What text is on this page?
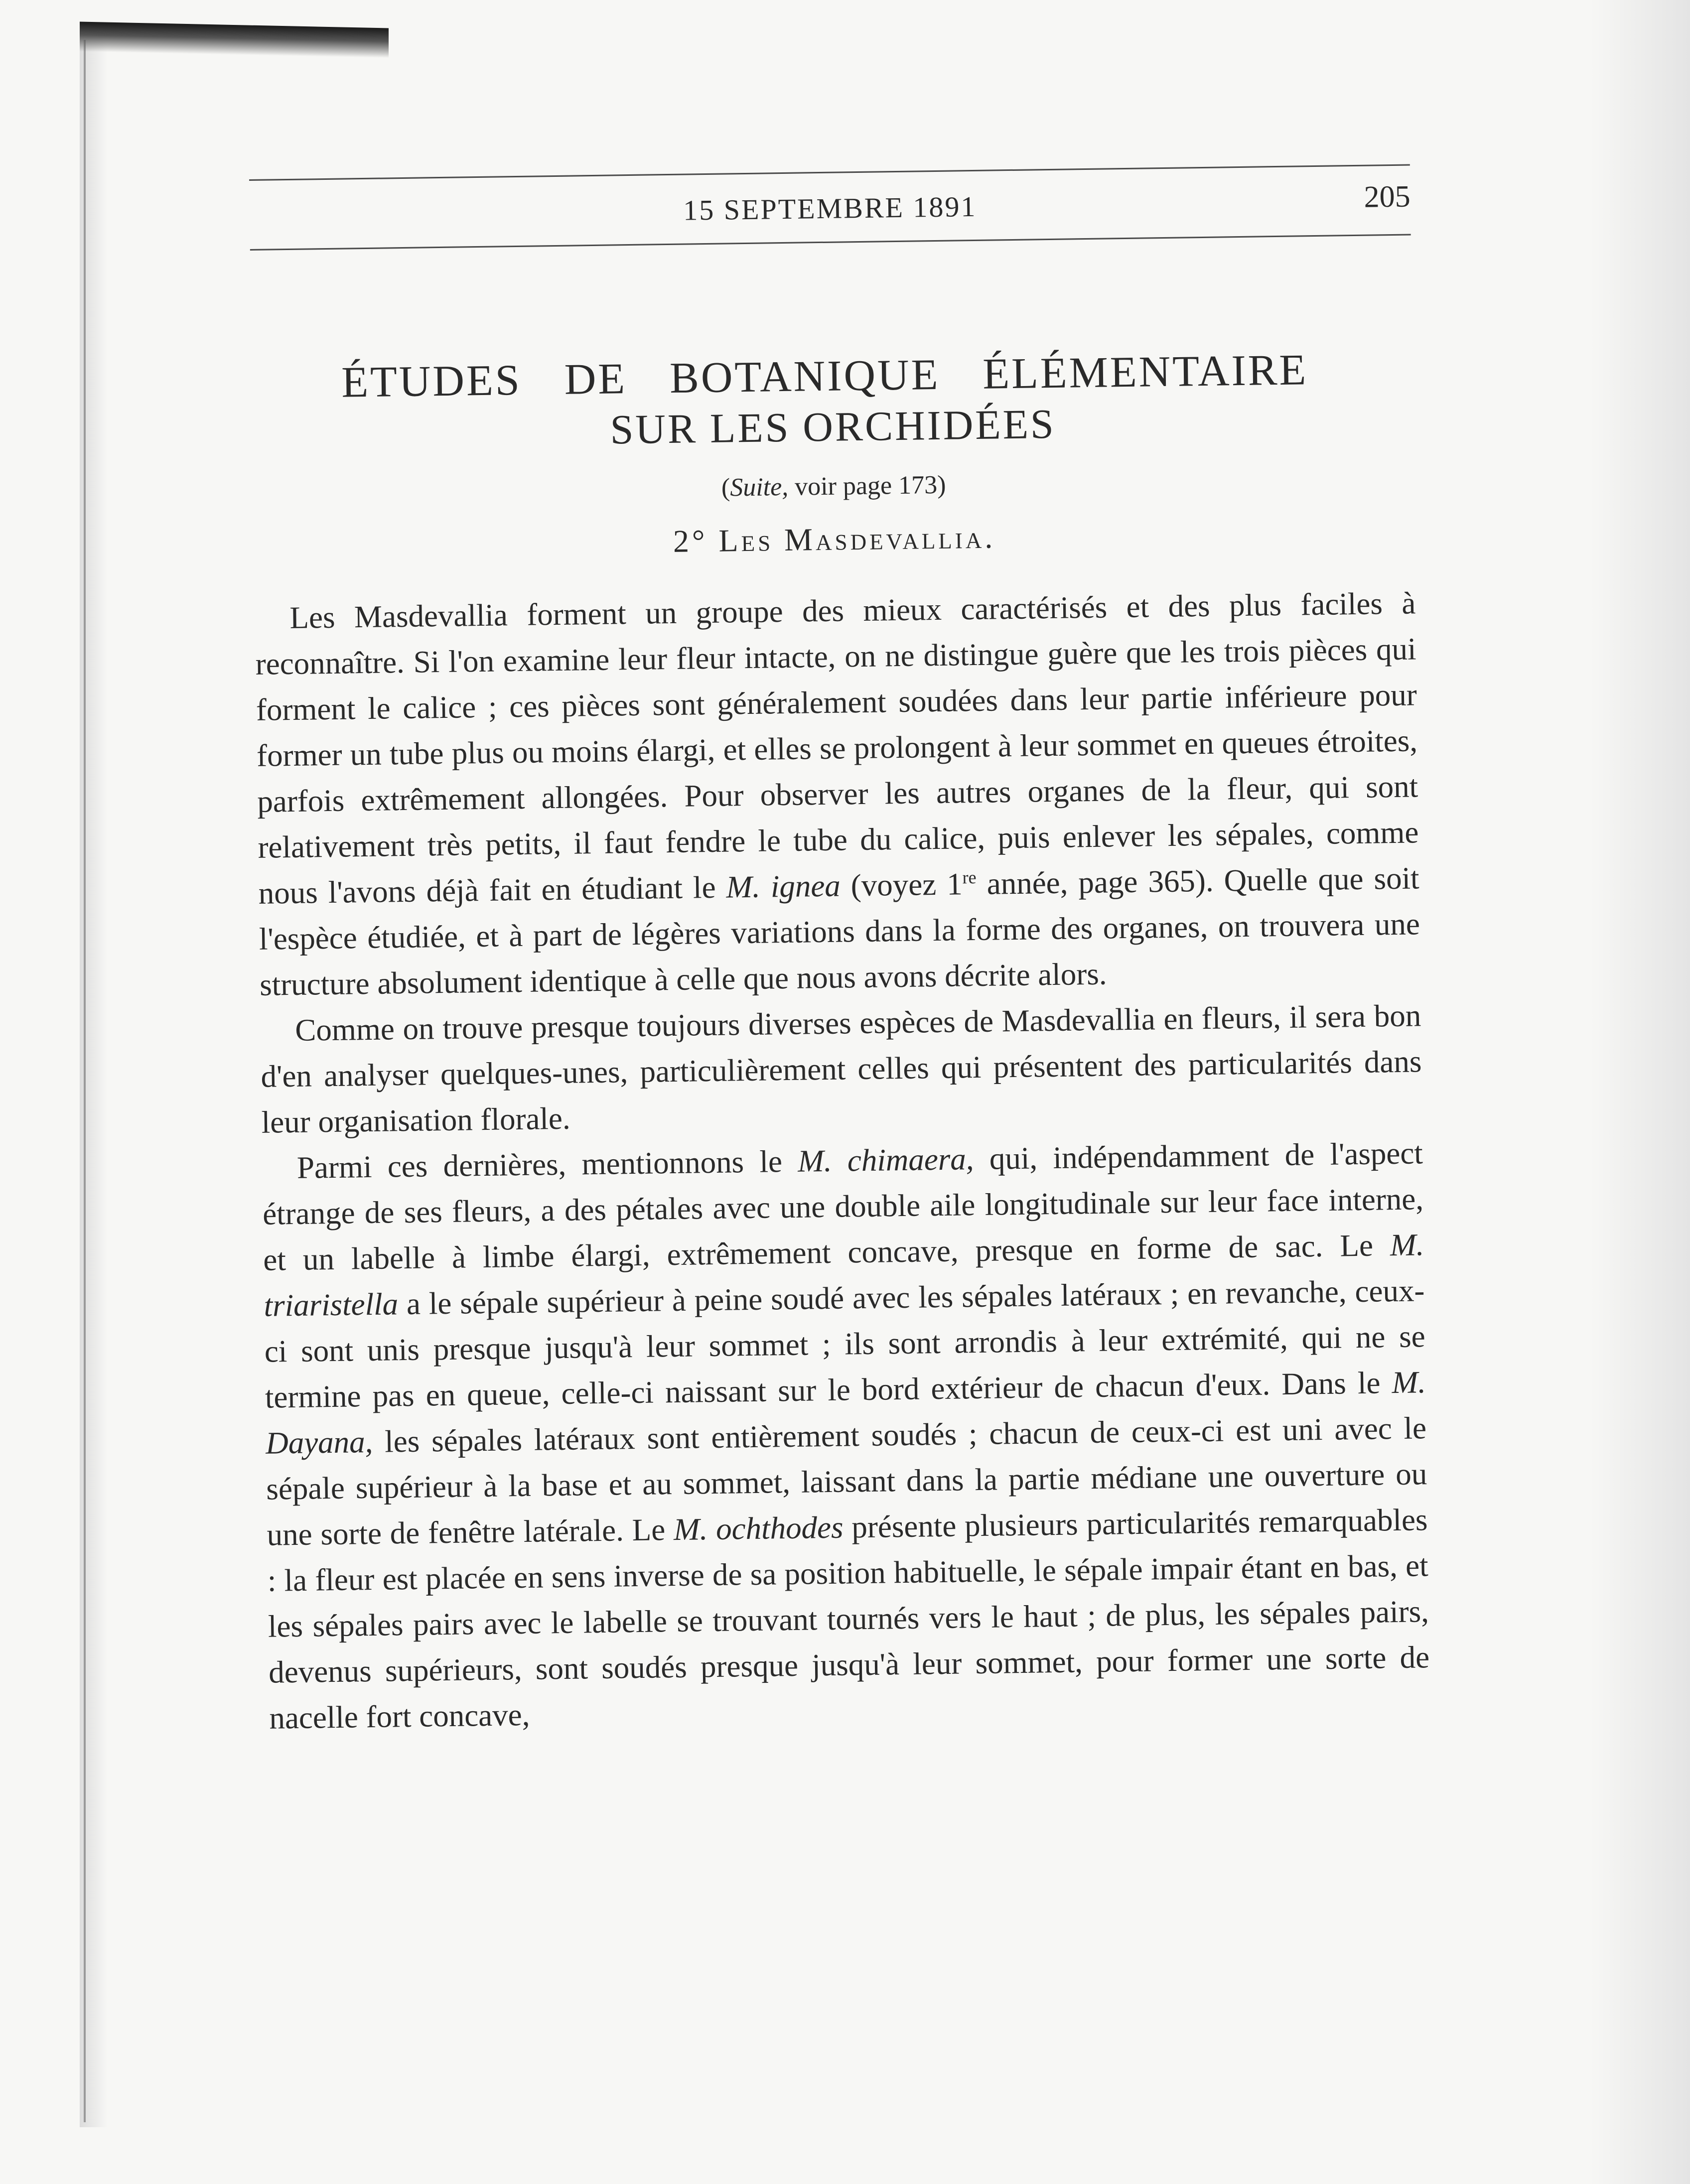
15 SEPTEMBRE 1891	205
ÉTUDES DE BOTANIQUE ÉLÉMENTAIRE
SUR LES ORCHIDÉES
(Suite, voir page 173)
2° Les Masdevallia.

Les Masdevallia forment un groupe des mieux caractérisés et des plus faciles à reconnaître. Si l'on examine leur fleur intacte, on ne distingue guère que les trois pièces qui forment le calice ; ces pièces sont généralement soudées dans leur partie inférieure pour former un tube plus ou moins élargi, et elles se prolongent à leur sommet en queues étroites, parfois extrêmement allongées. Pour observer les autres organes de la fleur, qui sont relativement très petits, il faut fendre le tube du calice, puis enlever les sépales, comme nous l'avons déjà fait en étudiant le M. ignea (voyez 1re année, page 365). Quelle que soit l'espèce étudiée, et à part de légères variations dans la forme des organes, on trouvera une structure absolument identique à celle que nous avons décrite alors.

Comme on trouve presque toujours diverses espèces de Masdevallia en fleurs, il sera bon d'en analyser quelques-unes, particulièrement celles qui présentent des particularités dans leur organisation florale.

Parmi ces dernières, mentionnons le M. chimaera, qui, indépendamment de l'aspect étrange de ses fleurs, a des pétales avec une double aile longitudinale sur leur face interne, et un labelle à limbe élargi, extrêmement concave, presque en forme de sac. Le M. triaristella a le sépale supérieur à peine soudé avec les sépales latéraux ; en revanche, ceux-ci sont unis presque jusqu'à leur sommet ; ils sont arrondis à leur extrémité, qui ne se termine pas en queue, celle-ci naissant sur le bord extérieur de chacun d'eux. Dans le M. Dayana, les sépales latéraux sont entièrement soudés ; chacun de ceux-ci est uni avec le sépale supérieur à la base et au sommet, laissant dans la partie médiane une ouverture ou une sorte de fenêtre latérale. Le M. ochthodes présente plusieurs particularités remarquables : la fleur est placée en sens inverse de sa position habituelle, le sépale impair étant en bas, et les sépales pairs avec le labelle se trouvant tournés vers le haut ; de plus, les sépales pairs, devenus supérieurs, sont soudés presque jusqu'à leur sommet, pour former une sorte de nacelle fort concave,
